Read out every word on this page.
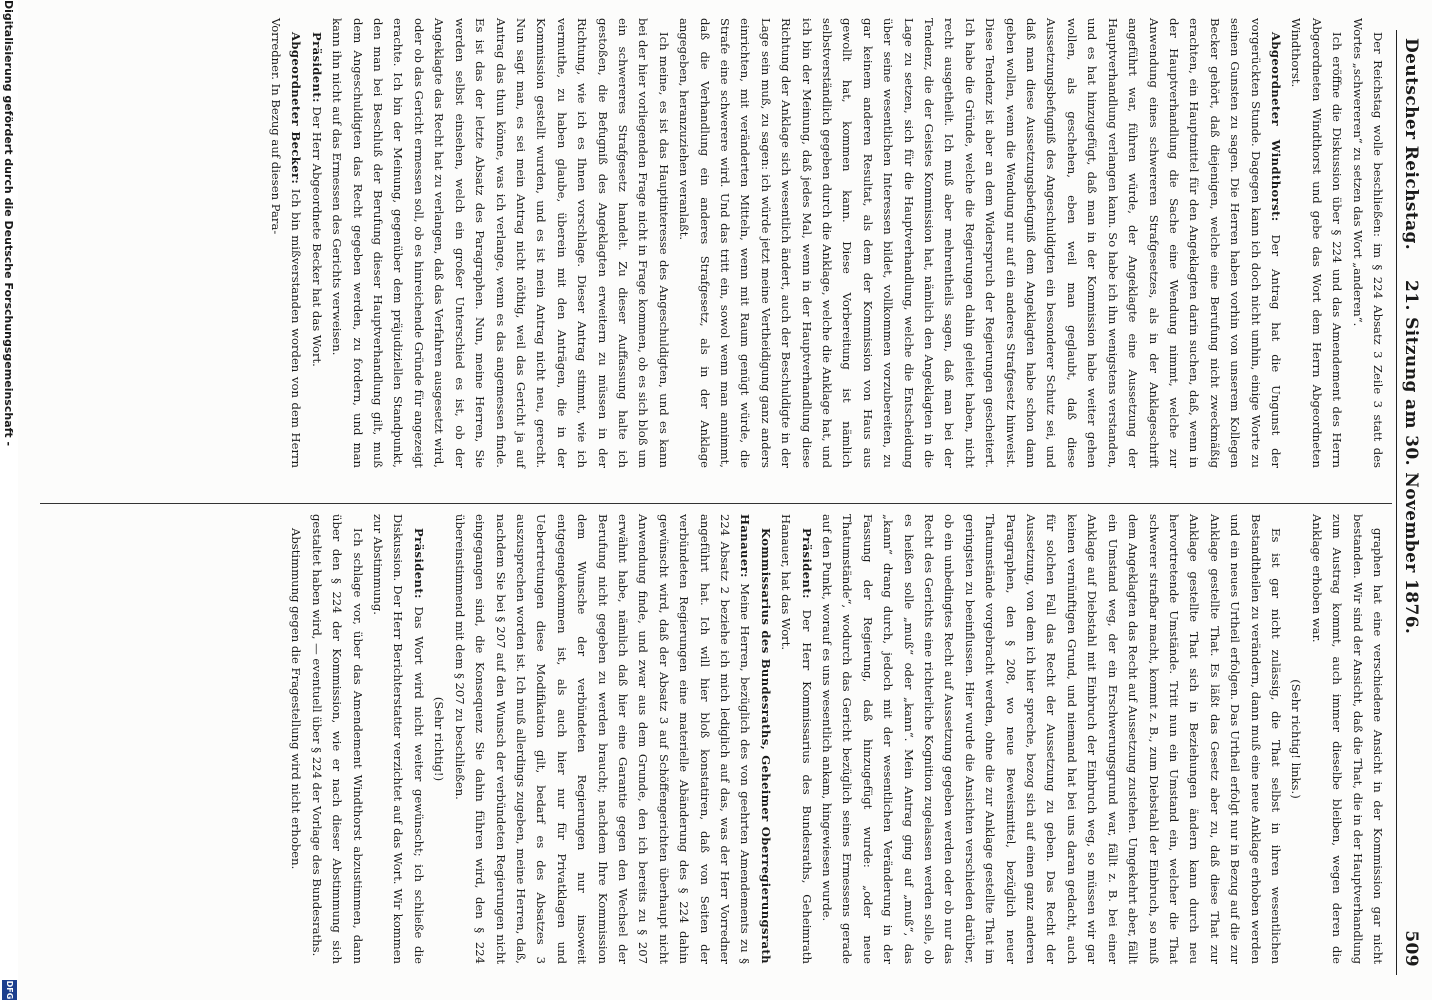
Deutscher Reichstag.
21. Sitzung am 30. November 1876.
509

Der Reichstag wolle beschließen: im § 224 Absatz 3 Zeile 3 statt des Wortes „schwereren“ zu setzen das Wort „anderen“.

Ich eröffne die Diskussion über § 224 und das Amendement des Herrn Abgeordneten Windthorst und gebe das Wort dem Herrn Abgeordneten Windthorst.

Abgeordneter Windthorst: Der Antrag hat die Ungunst der vorgerückten Stunde. Dagegen kann ich doch nicht umhin, einige Worte zu seinen Gunsten zu sagen. Die Herren haben vorhin von unserem Kollegen Becker gehört, daß diejenigen, welche eine Berufung nicht zweckmäßig erachten, ein Hauptmittel für den Angeklagten darin suchen, daß, wenn in der Hauptverhandlung die Sache eine Wendung nimmt, welche zur Anwendung eines schwereren Strafgesetzes, als in der Anklageschrift angeführt war, führen würde, der Angeklagte eine Aussetzung der Hauptverhandlung verlangen kann. So habe ich ihn wenigstens verstanden, und es hat hinzugefügt, daß man in der Kommission habe weiter gehen wollen, als geschehen, eben weil man geglaubt, daß diese Aussetzungsbefugniß des Angeschuldigten ein besonderer Schutz sei, und daß man diese Aussetzungsbefugniß dem Angeklagten habe schon dann geben wollen, wenn die Wendung nur auf ein anderes Strafgesetz hinweist. Diese Tendenz ist aber an dem Widerspruch der Regierungen gescheitert. Ich habe die Gründe, welche die Regierungen dahin geleitet haben, nicht recht ausgetheilt. Ich muß aber mehrentheils sagen, daß man bei der Tendenz, die der Geistes Kommission hat, nämlich den Angeklagten in die Lage zu setzen, sich für die Hauptverhandlung, welche die Entscheidung über seine wesentlichen Interessen bildet, vollkommen vorzubereiten, zu gar keinem anderen Resultat, als dem der Kommission von Haus aus gewollt hat, kommen kann. Diese Vorbereitung ist nämlich selbstverständlich gegeben durch die Anklage, welche die Anklage hat, und ich bin der Meinung, daß jedes Mal, wenn in der Hauptverhandlung diese Richtung der Anklage sich wesentlich ändert, auch der Beschuldigte in der Lage sein muß, zu sagen: ich würde jetzt meine Vertheidigung ganz anders einrichten, mit veränderten Mitteln, wenn mit Raum genügt würde, die Strafe eine schwerere wird. Und das tritt ein, sowol wenn man annimmt, daß die Verhandlung ein anderes Strafgesetz, als in der Anklage angegeben, heranzuziehen veranlaßt.

Ich meine, es ist das Hauptinteresse des Angeschuldigten, und es kann bei der hier vorliegenden Frage nicht in Frage kommen, ob es sich bloß um ein schwereres Strafgesetz handelt. Zu dieser Auffassung halte ich gestoßen, die Befugniß des Angeklagten erweitern zu müssen in der Richtung, wie ich es Ihnen vorschlage. Dieser Antrag stimmt, wie ich vermuthe, zu haben glaube, überein mit den Anträgen, die in der Kommission gestellt wurden, und es ist mein Antrag nicht neu, gerecht. Nun sagt man, es sei mein Antrag nicht nöthig, weil das Gericht ja auf Antrag das thun könne, was ich verlange, wenn es das angemessen finde. Es ist das der letzte Absatz des Paragraphen. Nun, meine Herren, Sie werden selbst einsehen, welch ein großer Unterschied es ist, ob der Angeklagte das Recht hat zu verlangen, daß das Verfahren ausgesetzt wird, oder ob das Gericht ermessen soll, ob es hinreichende Gründe für angezeigt erachte. Ich bin der Meinung, gegenüber dem präjudiziellen Standpunkt, den man bei Beschluß der Berufung dieser Hauptverhandlung gilt, muß dem Angeschuldigten das Recht gegeben werden, zu fordern, und man kann ihn nicht auf das Ermessen des Gerichts verweisen.

Präsident: Der Herr Abgeordnete Becker hat das Wort.

Abgeordneter Becker: Ich bin mißverstanden worden von dem Herrn Vorredner. In Bezug auf diesen Para-

graphen hat eine verschiedene Ansicht in der Kommission gar nicht bestanden. Wir sind der Ansicht, daß die That, die in der Hauptverhandlung zum Austrag kommt, auch immer dieselbe bleiben, wegen deren die Anklage erhoben war.

(Sehr richtig! links.)

Es ist gar nicht zulässig, die That selbst in ihren wesentlichen Bestandtheilen zu verändern, dann muß eine neue Anklage erhoben werden und ein neues Urtheil erfolgen. Das Urtheil erfolgt nur in Bezug auf die zur Anklage gestellte That. Es läßt das Gesetz aber zu, daß diese That zur Anklage gestellte That sich in Beziehungen ändern kann durch neu hervortretende Umstände. Tritt nun ein Umstand ein, welcher die That schwerer strafbar macht, kommt z. B., zum Diebstahl der Einbruch, so muß dem Angeklagten das Recht auf Aussetzung zustehen. Umgekehrt aber, fällt ein Umstand weg, der ein Erschwerungsgrund war, fällt z. B. bei einer Anklage auf Diebstahl mit Einbruch der Einbruch weg, so müssen wir gar keinen vernünftigen Grund, und niemand hat bei uns daran gedacht, auch für solchen Fall das Recht der Aussetzung zu geben. Das Recht der Aussetzung, von dem ich hier spreche, bezog sich auf einen ganz anderen Paragraphen, den § 208, wo neue Beweismittel, bezüglich neuer Thatumstände vorgebracht werden, ohne die zur Anklage gestellte That im geringsten zu beeinflussen. Hier wurde die Ansichten verschieden darüber, ob ein unbedingtes Recht auf Aussetzung gegeben werden oder ob nur das Recht des Gerichts eine richterliche Kognition zugelassen werden solle, ob es heißen solle „muß“ oder „kann“. Mein Antrag ging auf „muß“, das „kann“ drang durch, jedoch mit der wesentlichen Veränderung in der Fassung der Regierung, daß hinzugefügt wurde: „oder neue Thatumstände“, wodurch das Gericht bezüglich seines Ermessens gerade auf den Punkt, worauf es uns wesentlich ankam, hingewiesen wurde.

Präsident: Der Herr Kommissarius des Bundesraths, Geheimrath Hanauer, hat das Wort.

Kommissarius des Bundesraths, Geheimer Oberregierungsrath Hanauer: Meine Herren, bezüglich des von geehrten Amendements zu § 224 Absatz 2 beziehe ich mich lediglich auf das, was der Herr Vorredner angeführt hat. Ich will hier bloß konstatiren, daß von Seiten der verbündeten Regierungen eine materielle Abänderung des § 224 dahin gewünscht wird, daß der Absatz 3 auf Schöffengerichten überhaupt nicht Anwendung finde, und zwar aus dem Grunde, den ich bereits zu § 207 erwähnt habe, nämlich daß hier eine Garantie gegen den Wechsel der Berufung nicht gegeben zu werden braucht; nachdem Ihre Kommission dem Wunsche der verbündeten Regierungen nur insoweit entgegengekommen ist, als auch hier nur für Privatklagen und Uebertretungen diese Modifikation gilt, bedarf es des Absatzes 3 auszusprechen worden ist. Ich muß allerdings zugeben, meine Herren, daß, nachdem Sie bei § 207 auf den Wunsch der verbündeten Regierungen nicht eingegangen sind, die Konsequenz Sie dahin führen wird, den § 224 übereinstimmend mit dem § 207 zu beschließen.

(Sehr richtig!)

Präsident: Das Wort wird nicht weiter gewünscht; ich schließe die Diskussion. Der Herr Berichterstatter verzichtet auf das Wort. Wir kommen zur Abstimmung.

Ich schlage vor, über das Amendement Windthorst abzustimmen, dann über den § 224 der Kommission, wie er nach dieser Abstimmung sich gestaltet haben wird, — eventuell über § 224 der Vorlage des Bundesraths.

Abstimmung gegen die Fragestellung wird nicht erhoben.

Digitalisierung gefördert durch die Deutsche Forschungsgemeinschaft -
DFG
